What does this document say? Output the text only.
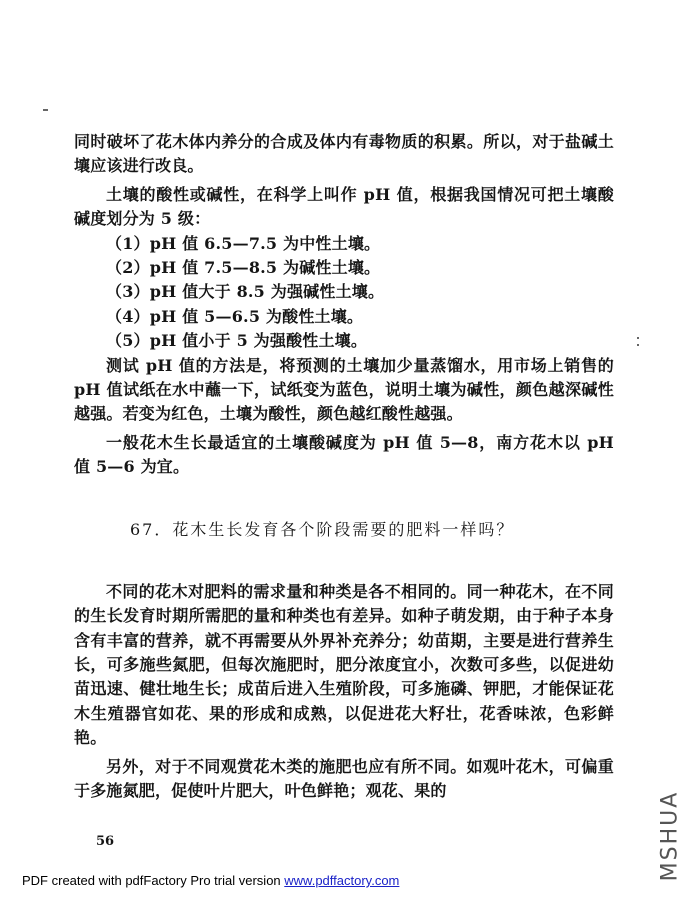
同时破坏了花木体内养分的合成及体内有毒物质的积累。所以，对于盐碱土壤应该进行改良。

土壤的酸性或碱性，在科学上叫作 pH 值，根据我国情况可把土壤酸碱度划分为 5 级：

（1）pH 值 6.5—7.5 为中性土壤。

（2）pH 值 7.5—8.5 为碱性土壤。

（3）pH 值大于 8.5 为强碱性土壤。

（4）pH 值 5—6.5 为酸性土壤。

（5）pH 值小于 5 为强酸性土壤。

测试 pH 值的方法是，将预测的土壤加少量蒸馏水，用市场上销售的 pH 值试纸在水中蘸一下，试纸变为蓝色，说明土壤为碱性，颜色越深碱性越强。若变为红色，土壤为酸性，颜色越红酸性越强。

一般花木生长最适宜的土壤酸碱度为 pH 值 5—8，南方花木以 pH 值 5—6 为宜。

67．花木生长发育各个阶段需要的肥料一样吗？

不同的花木对肥料的需求量和种类是各不相同的。同一种花木，在不同的生长发育时期所需肥的量和种类也有差异。如种子萌发期，由于种子本身含有丰富的营养，就不再需要从外界补充养分；幼苗期，主要是进行营养生长，可多施些氮肥，但每次施肥时，肥分浓度宜小，次数可多些，以促进幼苗迅速、健壮地生长；成苗后进入生殖阶段，可多施磷、钾肥，才能保证花木生殖器官如花、果的形成和成熟，以促进花大籽壮，花香味浓，色彩鲜艳。

另外，对于不同观赏花木类的施肥也应有所不同。如观叶花木，可偏重于多施氮肥，促使叶片肥大，叶色鲜艳；观花、果的

56
PDF created with pdfFactory Pro trial version www.pdffactory.com	MSHUA
